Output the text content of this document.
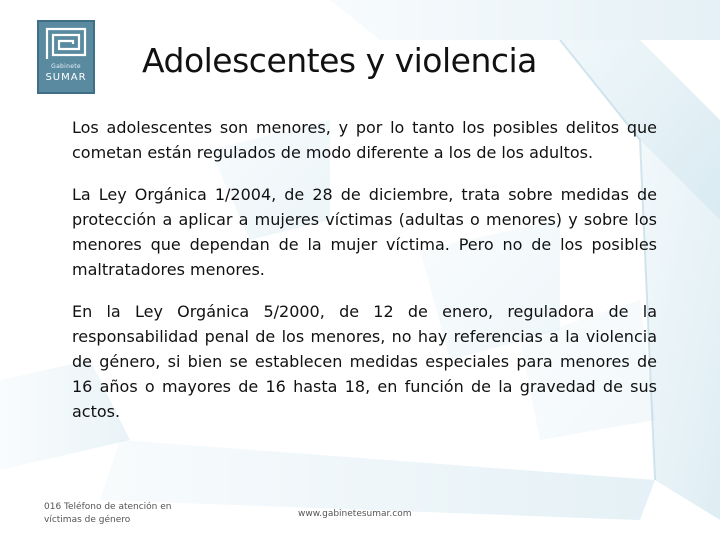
Gabinete
SUMAR Adolescentes y violencia

Los adolescentes son menores, y por lo tanto los posibles delitos que cometan están regulados de modo diferente a los de los adultos.

La Ley Orgánica 1/2004, de 28 de diciembre, trata sobre medidas de protección a aplicar a mujeres víctimas (adultas o menores) y sobre los menores que dependan de la mujer víctima. Pero no de los posibles maltratadores menores.

En la Ley Orgánica 5/2000, de 12 de enero, reguladora de la responsabilidad penal de los menores, no hay referencias a la violencia de género, si bien se establecen medidas especiales para menores de 16 años o mayores de 16 hasta 18, en función de la gravedad de sus actos.

016 Teléfono de atención en víctimas de género
www.gabinetesumar.com
